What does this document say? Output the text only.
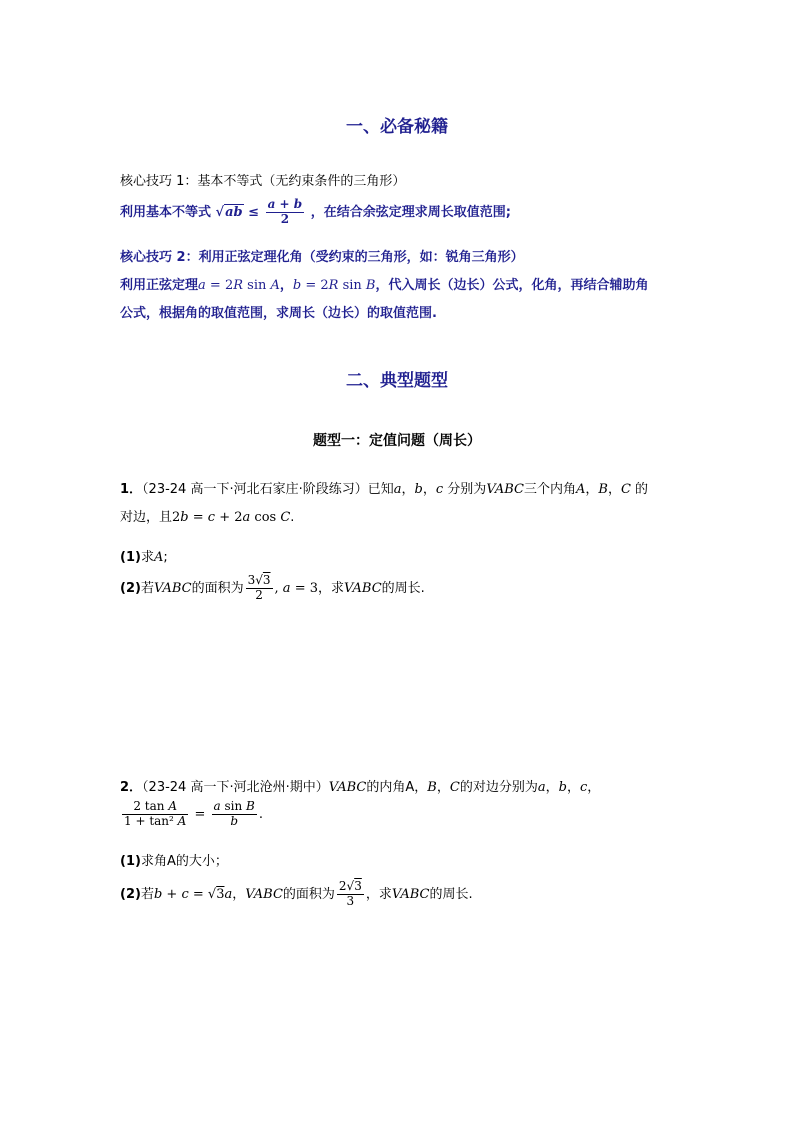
一、必备秘籍
核心技巧 1：基本不等式（无约束条件的三角形）
利用基本不等式 $√ab \le \frac{a + b}{2}$ ，在结合余弦定理求周长取值范围;
核心技巧 2：利用正弦定理化角（受约束的三角形，如：锐角三角形）
利用正弦定理a = 2R sin A，b = 2R sin B，代入周长（边长）公式，化角，再结合辅助角
公式，根据角的取值范围，求周长（边长）的取值范围.
二、典型题型
题型一：定值问题（周长）
1．（23-24 高一下·河北石家庄·阶段练习）已知a，b，c 分别为VABC三个内角A，B，C 的
对边，且2b = c + 2a cos C.
(1)求A;
(2)若VABC的面积为 $\frac{3√3}{2}$ , a = 3，求VABC的周长.
2．（23-24 高一下·河北沧州·期中）VABC的内角A，B，C的对边分别为a，b，c，
$\frac{\text{2 tan A}}{\text{1 + tan² A}} = \frac{\text{a sin B}}{b}$ .
(1)求角A的大小；
(2)若b + c = √3a，VABC的面积为 $\frac{2√3}{3}$ ，求VABC的周长.
